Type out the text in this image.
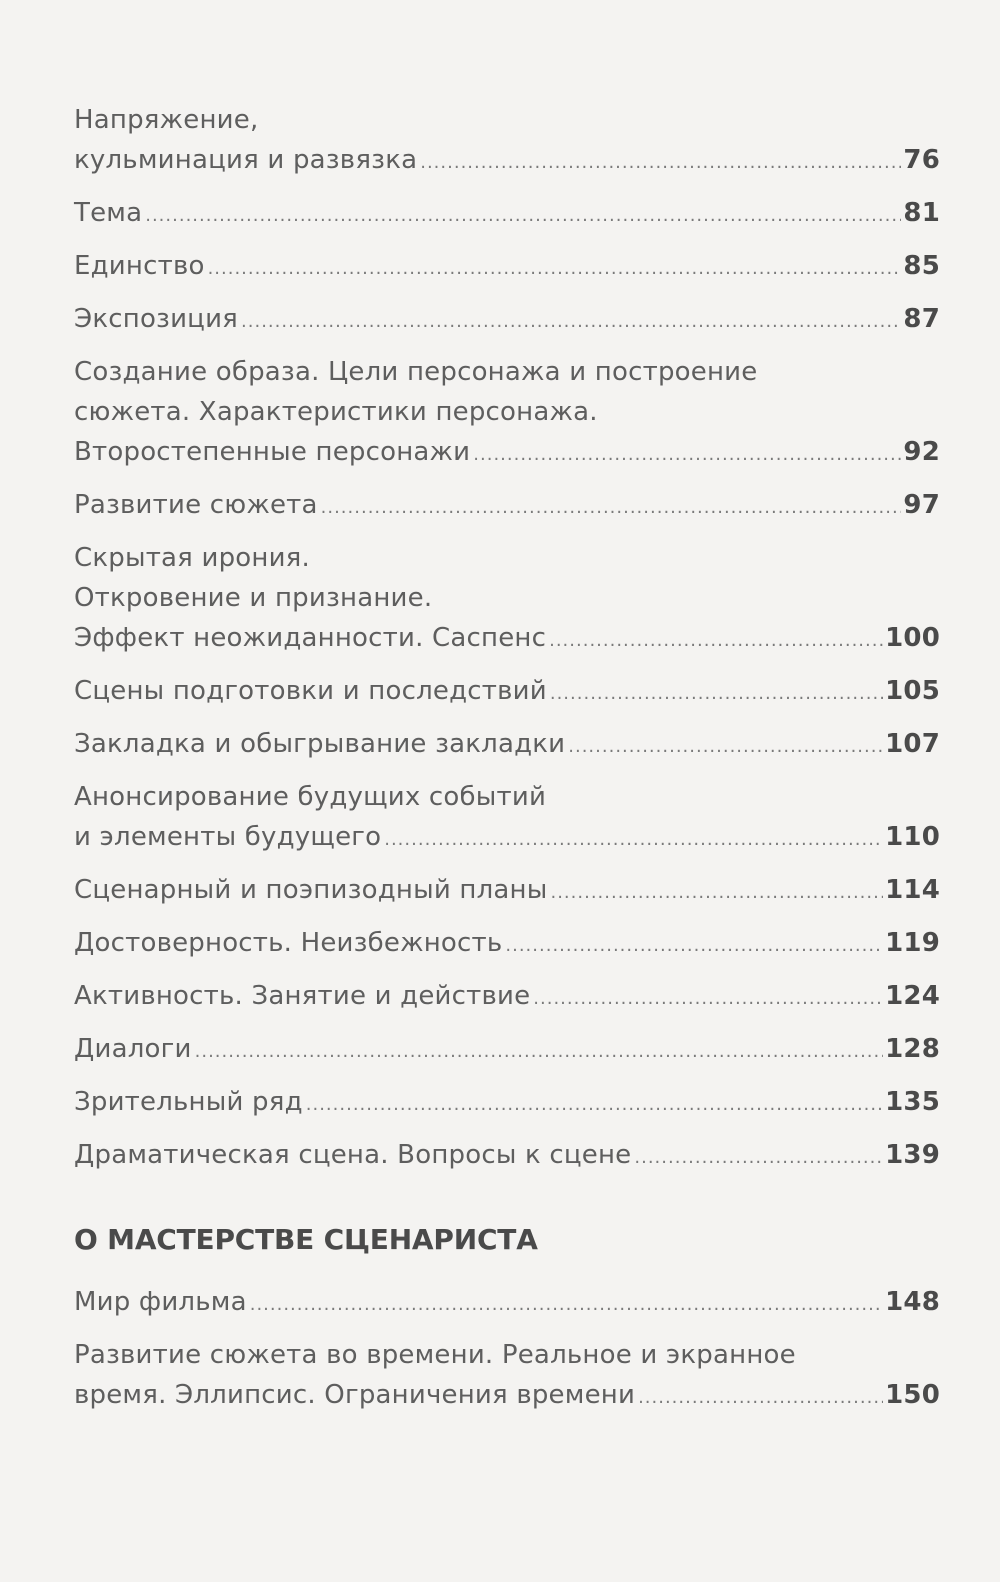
Напряжение,
кульминация и развязка .....	76
Тема .....	81
Единство .....	85
Экспозиция .....	87
Создание образа. Цели персонажа и построение
сюжета. Характеристики персонажа.
Второстепенные персонажи .....	92
Развитие сюжета .....	97
Скрытая ирония.
Откровение и признание.
Эффект неожиданности. Саспенс .....	100
Сцены подготовки и последствий .....	105
Закладка и обыгрывание закладки .....	107
Анонсирование будущих событий
и элементы будущего .....	110
Сценарный и поэпизодный планы .....	114
Достоверность. Неизбежность .....	119
Активность. Занятие и действие .....	124
Диалоги .....	128
Зрительный ряд .....	135
Драматическая сцена. Вопросы к сцене .....	139
О МАСТЕРСТВЕ СЦЕНАРИСТА
Мир фильма .....	148
Развитие сюжета во времени. Реальное и экранное
время. Эллипсис. Ограничения времени .....	150
